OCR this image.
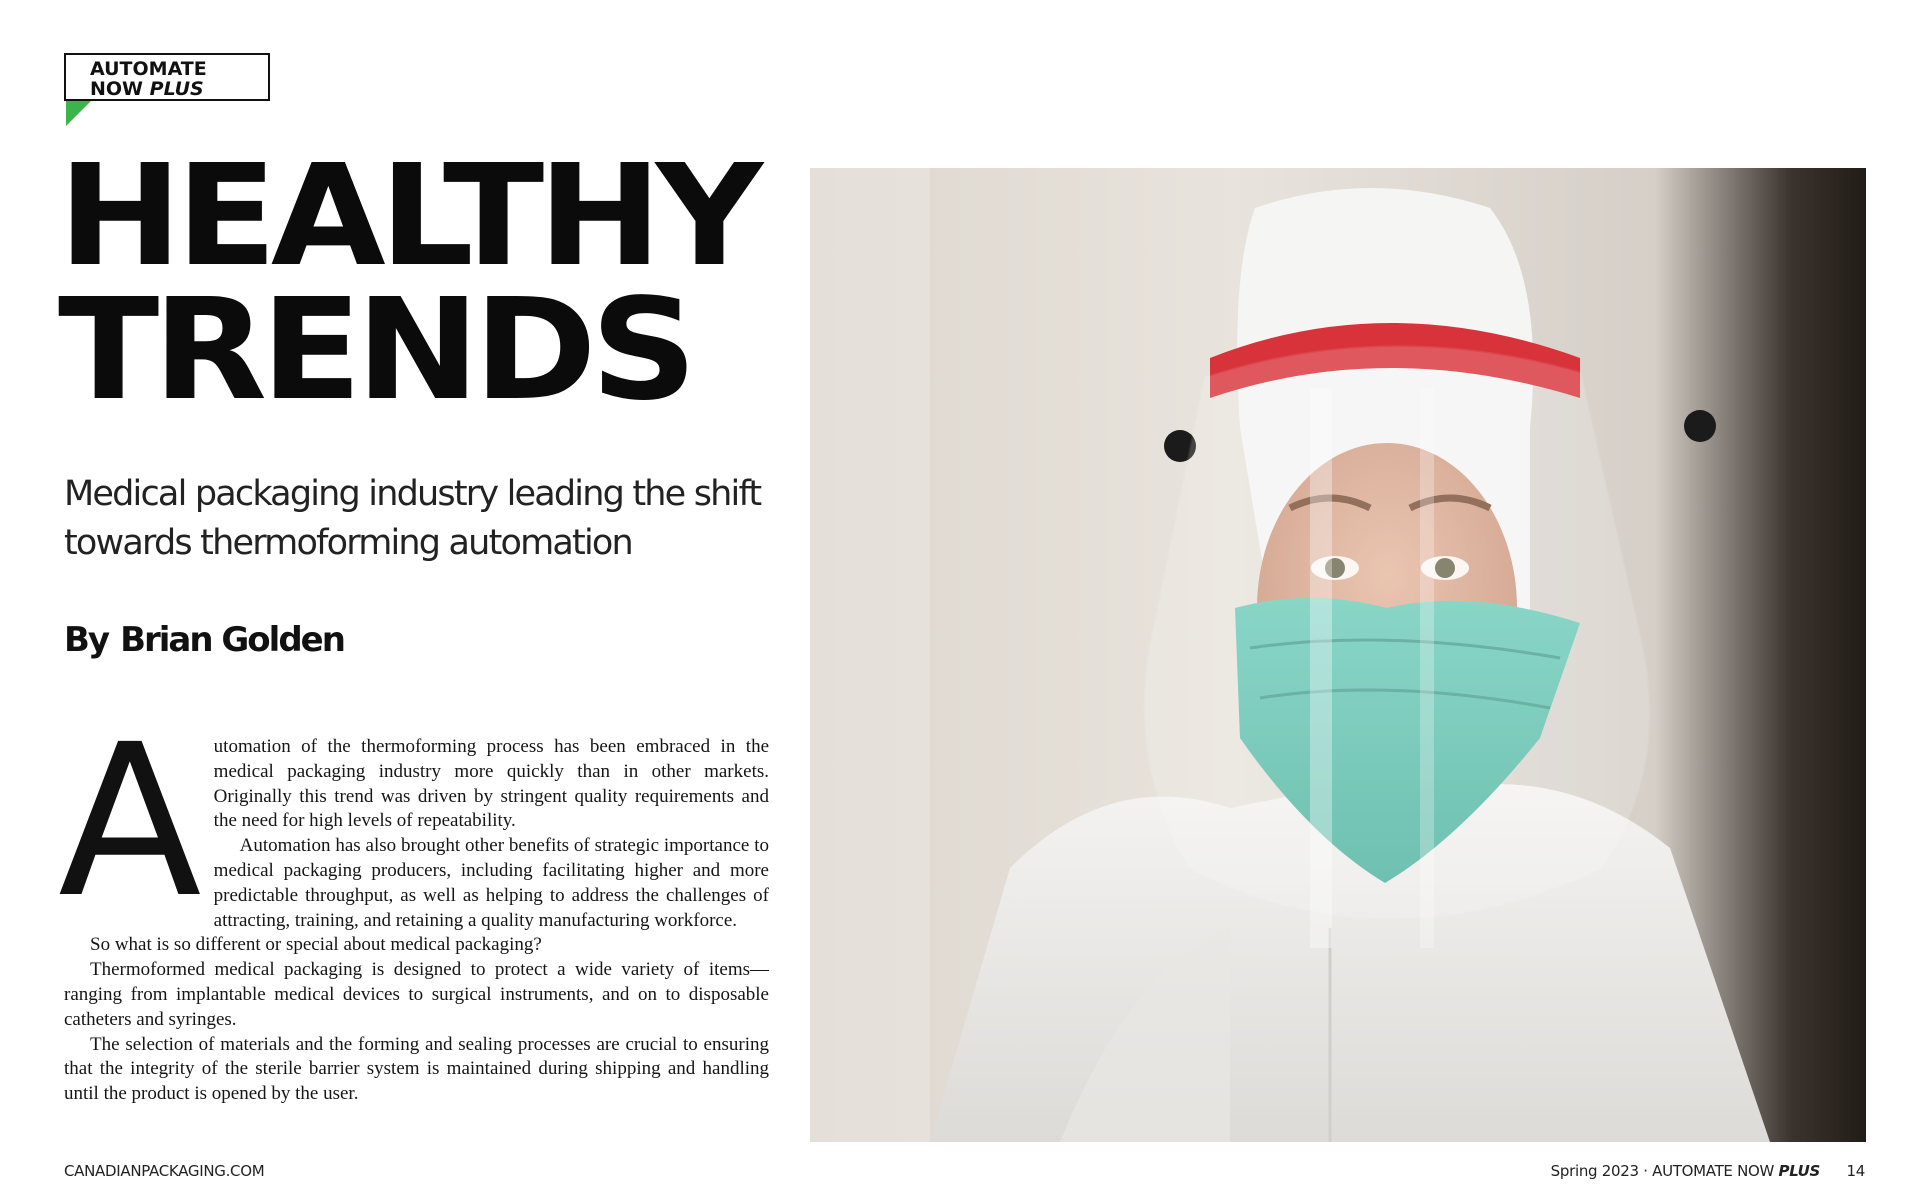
AUTOMATE
NOW PLUS
HEALTHY
TRENDS
Medical packaging industry leading the shift
towards thermoforming automation
By Brian Golden
A utomation of the thermoforming process has been embraced in the medical packaging industry more quickly than in other markets. Originally this trend was driven by stringent quality requirements and the need for high levels of repeatability.

Automation has also brought other benefits of strategic importance to medical packaging producers, including facilitating higher and more predictable throughput, as well as helping to address the challenges of attracting, training, and retaining a quality manufacturing workforce.

So what is so different or special about medical packaging?

Thermoformed medical packaging is designed to protect a wide variety of items—ranging from implantable medical devices to surgical instruments, and on to disposable catheters and syringes.

The selection of materials and the forming and sealing processes are crucial to ensuring that the integrity of the sterile barrier system is maintained during shipping and handling until the product is opened by the user.

CANADIANPACKAGING.COM	Spring 2023 · AUTOMATE NOW PLUS 14
